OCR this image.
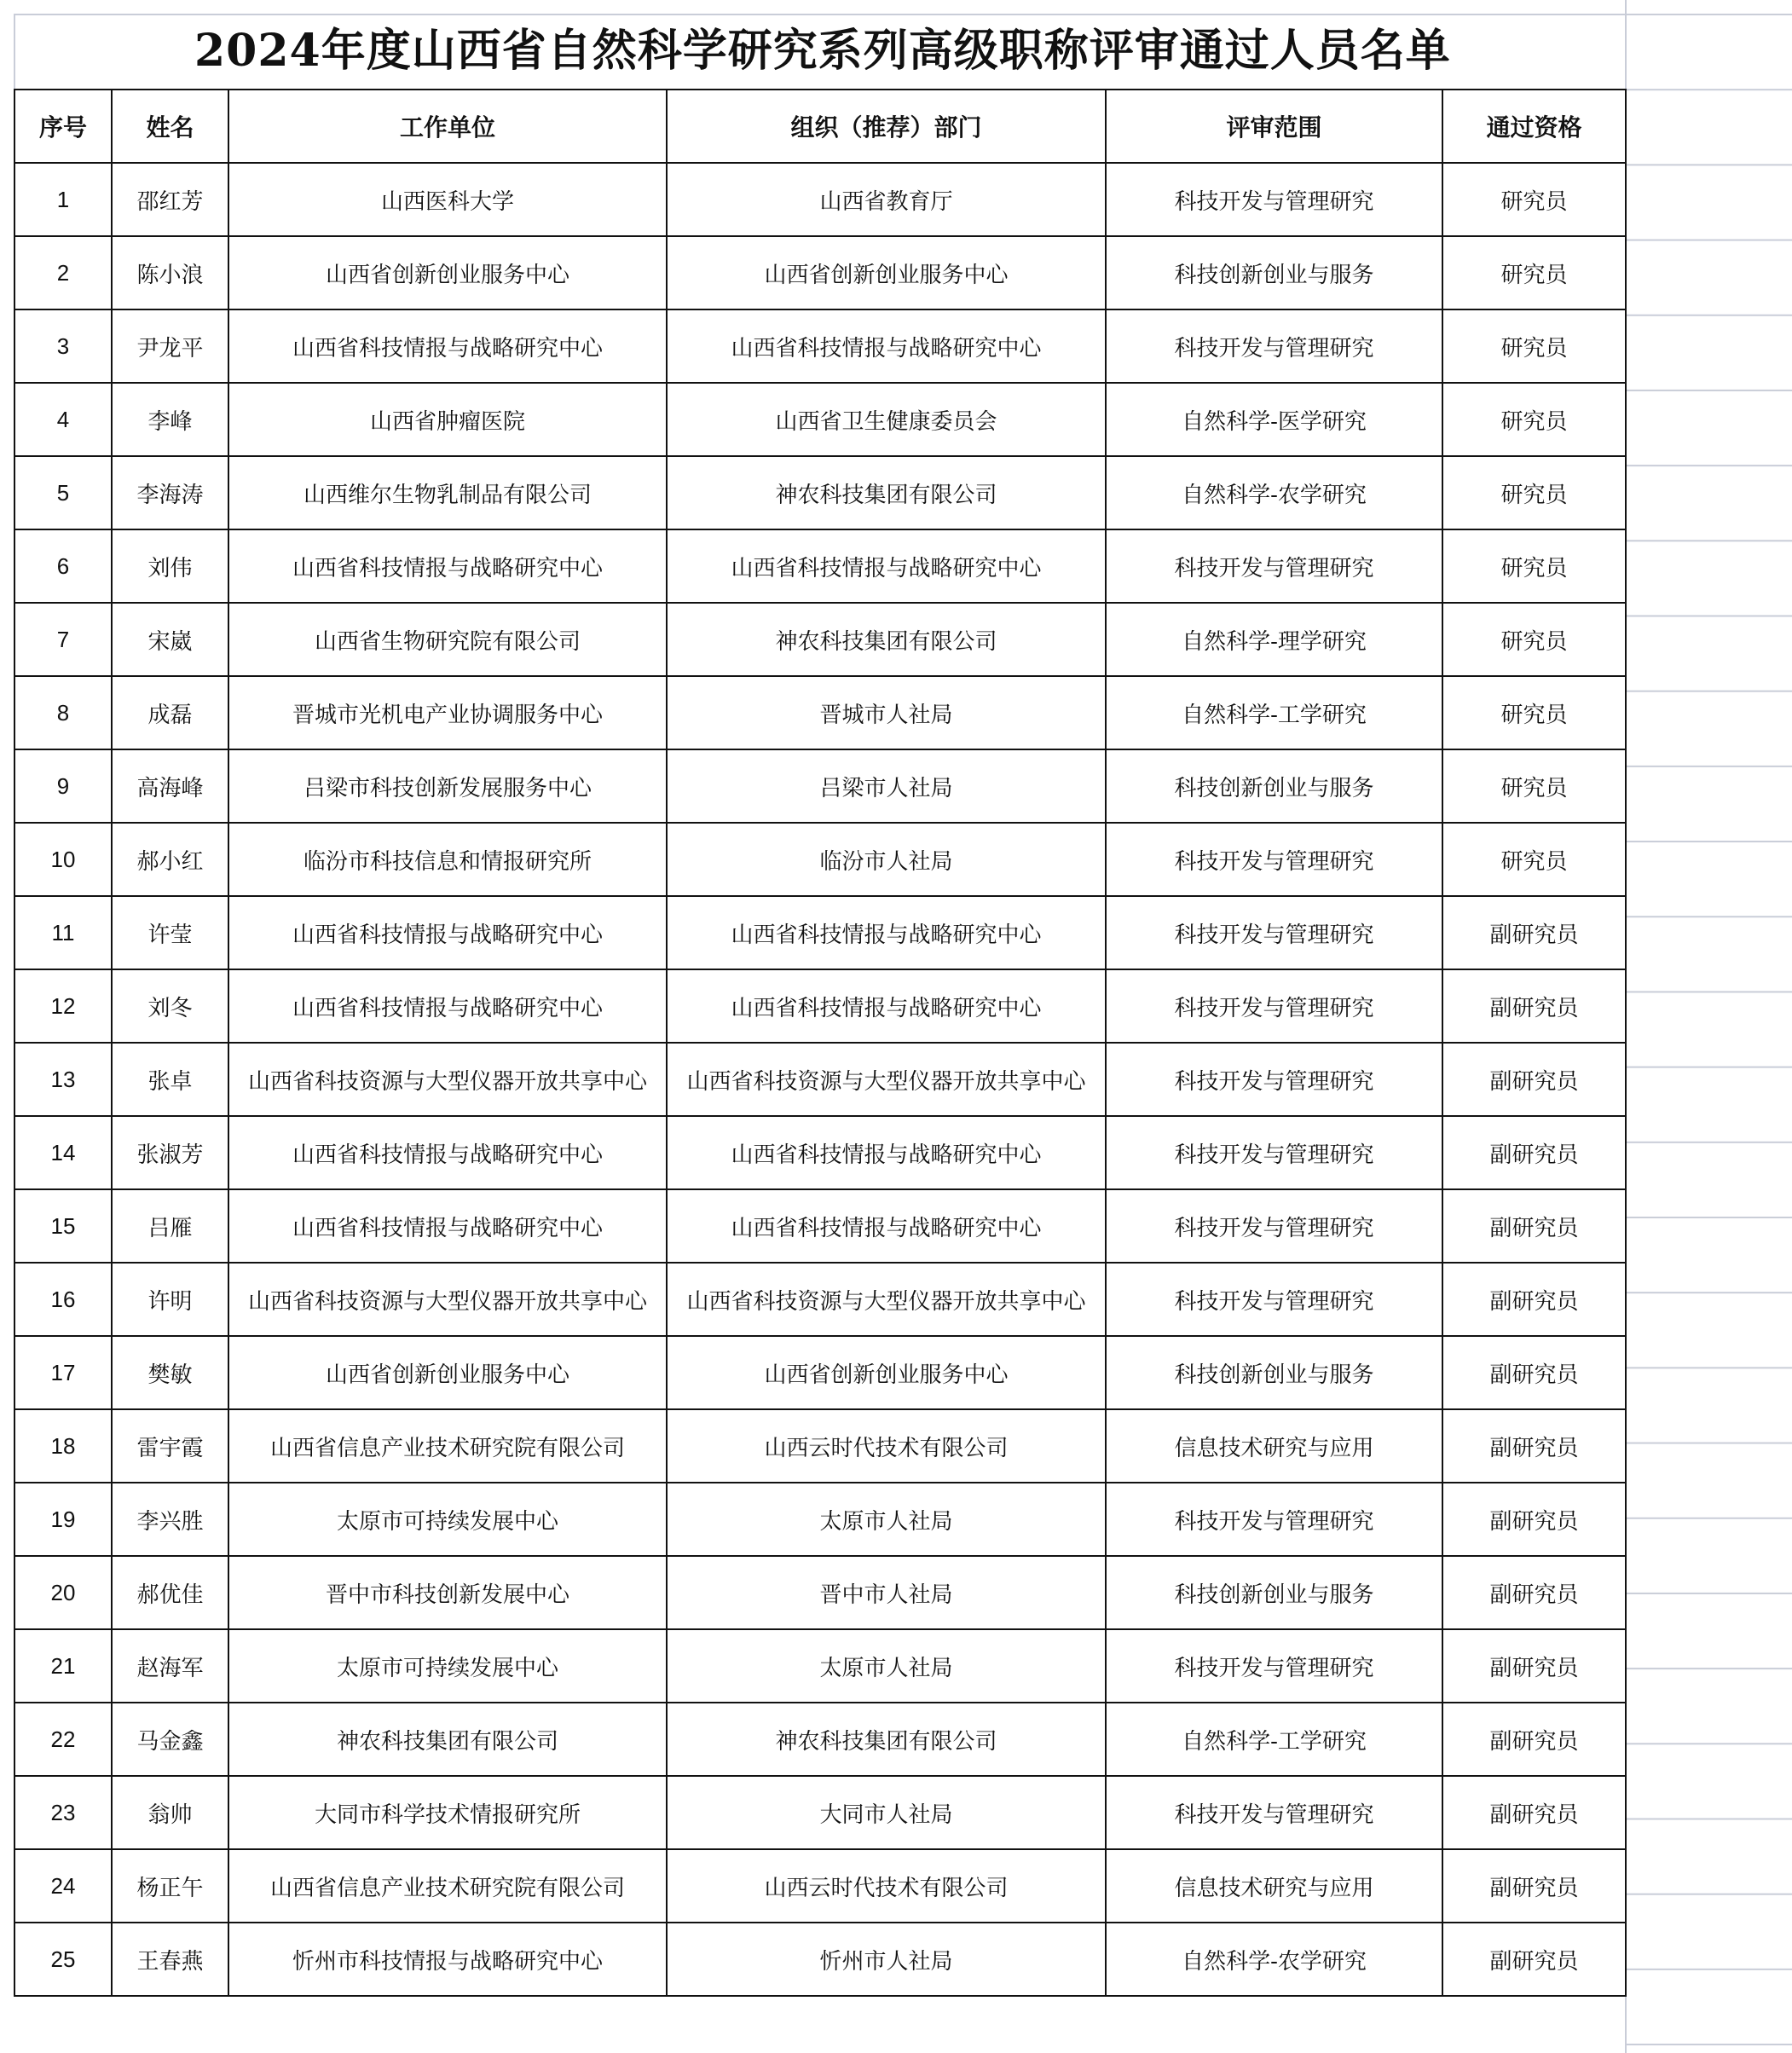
2024年度山西省自然科学研究系列高级职称评审通过人员名单
序号	姓名	工作单位	组织（推荐）部门	评审范围	通过资格
1	邵红芳	山西医科大学	山西省教育厅	科技开发与管理研究	研究员
2	陈小浪	山西省创新创业服务中心	山西省创新创业服务中心	科技创新创业与服务	研究员
3	尹龙平	山西省科技情报与战略研究中心	山西省科技情报与战略研究中心	科技开发与管理研究	研究员
4	李峰	山西省肿瘤医院	山西省卫生健康委员会	自然科学-医学研究	研究员
5	李海涛	山西维尔生物乳制品有限公司	神农科技集团有限公司	自然科学-农学研究	研究员
6	刘伟	山西省科技情报与战略研究中心	山西省科技情报与战略研究中心	科技开发与管理研究	研究员
7	宋崴	山西省生物研究院有限公司	神农科技集团有限公司	自然科学-理学研究	研究员
8	成磊	晋城市光机电产业协调服务中心	晋城市人社局	自然科学-工学研究	研究员
9	高海峰	吕梁市科技创新发展服务中心	吕梁市人社局	科技创新创业与服务	研究员
10	郝小红	临汾市科技信息和情报研究所	临汾市人社局	科技开发与管理研究	研究员
11	许莹	山西省科技情报与战略研究中心	山西省科技情报与战略研究中心	科技开发与管理研究	副研究员
12	刘冬	山西省科技情报与战略研究中心	山西省科技情报与战略研究中心	科技开发与管理研究	副研究员
13	张卓	山西省科技资源与大型仪器开放共享中心	山西省科技资源与大型仪器开放共享中心	科技开发与管理研究	副研究员
14	张淑芳	山西省科技情报与战略研究中心	山西省科技情报与战略研究中心	科技开发与管理研究	副研究员
15	吕雁	山西省科技情报与战略研究中心	山西省科技情报与战略研究中心	科技开发与管理研究	副研究员
16	许明	山西省科技资源与大型仪器开放共享中心	山西省科技资源与大型仪器开放共享中心	科技开发与管理研究	副研究员
17	樊敏	山西省创新创业服务中心	山西省创新创业服务中心	科技创新创业与服务	副研究员
18	雷宇霞	山西省信息产业技术研究院有限公司	山西云时代技术有限公司	信息技术研究与应用	副研究员
19	李兴胜	太原市可持续发展中心	太原市人社局	科技开发与管理研究	副研究员
20	郝优佳	晋中市科技创新发展中心	晋中市人社局	科技创新创业与服务	副研究员
21	赵海军	太原市可持续发展中心	太原市人社局	科技开发与管理研究	副研究员
22	马金鑫	神农科技集团有限公司	神农科技集团有限公司	自然科学-工学研究	副研究员
23	翁帅	大同市科学技术情报研究所	大同市人社局	科技开发与管理研究	副研究员
24	杨正午	山西省信息产业技术研究院有限公司	山西云时代技术有限公司	信息技术研究与应用	副研究员
25	王春燕	忻州市科技情报与战略研究中心	忻州市人社局	自然科学-农学研究	副研究员
